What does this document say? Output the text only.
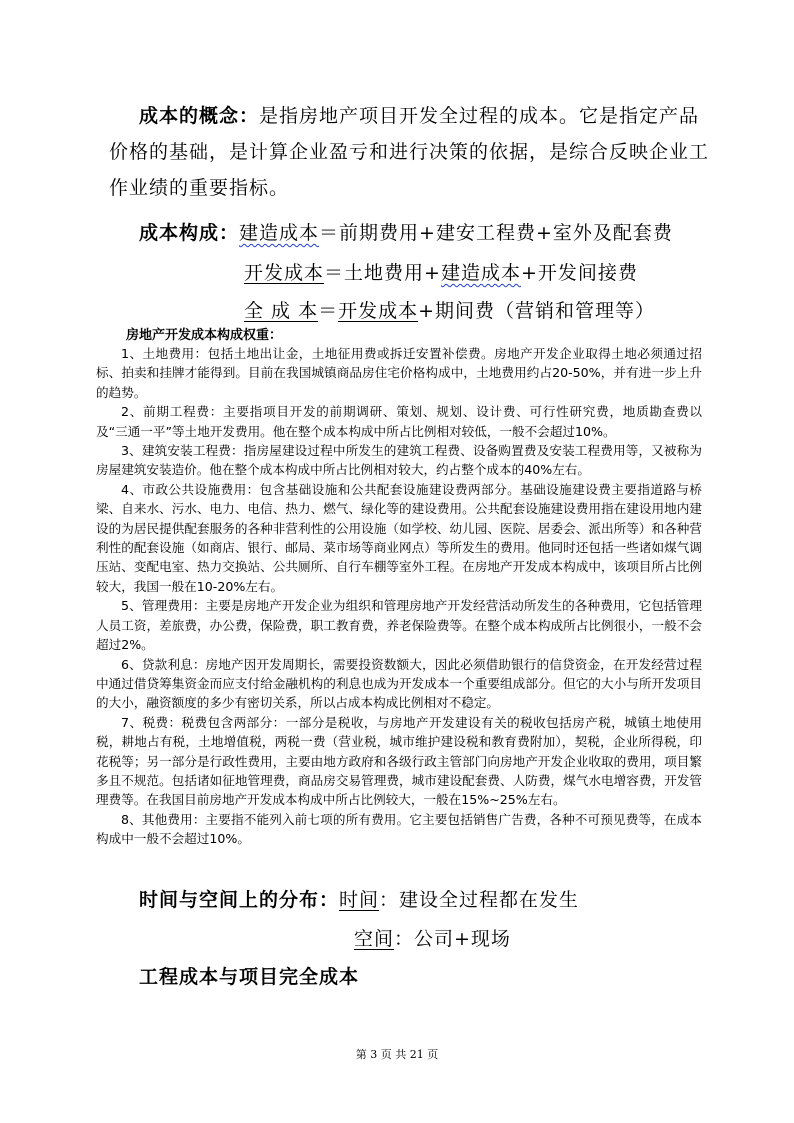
成本的概念：是指房地产项目开发全过程的成本。它是指定产品价格的基础，是计算企业盈亏和进行决策的依据，是综合反映企业工作业绩的重要指标。
成本构成：建造成本＝前期费用+建安工程费+室外及配套费
开发成本＝土地费用+建造成本+开发间接费
全 成 本＝开发成本+期间费（营销和管理等）
房地产开发成本构成权重：

1、土地费用：包括土地出让金，土地征用费或拆迁安置补偿费。房地产开发企业取得土地必须通过招标、拍卖和挂牌才能得到。目前在我国城镇商品房住宅价格构成中，土地费用约占20-50%，并有进一步上升的趋势。

2、前期工程费：主要指项目开发的前期调研、策划、规划、设计费、可行性研究费，地质勘查费以及“三通一平”等土地开发费用。他在整个成本构成中所占比例相对较低，一般不会超过10%。

3、建筑安装工程费：指房屋建设过程中所发生的建筑工程费、设备购置费及安装工程费用等，又被称为房屋建筑安装造价。他在整个成本构成中所占比例相对较大，约占整个成本的40%左右。

4、市政公共设施费用：包含基础设施和公共配套设施建设费两部分。基础设施建设费主要指道路与桥梁、自来水、污水、电力、电信、热力、燃气、绿化等的建设费用。公共配套设施建设费用指在建设用地内建设的为居民提供配套服务的各种非营利性的公用设施（如学校、幼儿园、医院、居委会、派出所等）和各种营利性的配套设施（如商店、银行、邮局、菜市场等商业网点）等所发生的费用。他同时还包括一些诸如煤气调压站、变配电室、热力交换站、公共厕所、自行车棚等室外工程。在房地产开发成本构成中，该项目所占比例较大，我国一般在10-20%左右。

5、管理费用：主要是房地产开发企业为组织和管理房地产开发经营活动所发生的各种费用，它包括管理人员工资，差旅费，办公费，保险费，职工教育费，养老保险费等。在整个成本构成所占比例很小，一般不会超过2%。

6、贷款利息：房地产因开发周期长，需要投资数额大，因此必须借助银行的信贷资金，在开发经营过程中通过借贷筹集资金而应支付给金融机构的利息也成为开发成本一个重要组成部分。但它的大小与所开发项目的大小，融资额度的多少有密切关系，所以占成本构成比例相对不稳定。

7、税费：税费包含两部分：一部分是税收，与房地产开发建设有关的税收包括房产税，城镇土地使用税，耕地占有税，土地增值税，两税一费（营业税，城市维护建设税和教育费附加），契税，企业所得税，印花税等；另一部分是行政性费用，主要由地方政府和各级行政主管部门向房地产开发企业收取的费用，项目繁多且不规范。包括诸如征地管理费，商品房交易管理费，城市建设配套费、人防费，煤气水电增容费，开发管理费等。在我国目前房地产开发成本构成中所占比例较大，一般在15%~25%左右。

8、其他费用：主要指不能列入前七项的所有费用。它主要包括销售广告费，各种不可预见费等，在成本构成中一般不会超过10%。

时间与空间上的分布：时间：建设全过程都在发生
空间：公司+现场
工程成本与项目完全成本
第 3 页 共 21 页
